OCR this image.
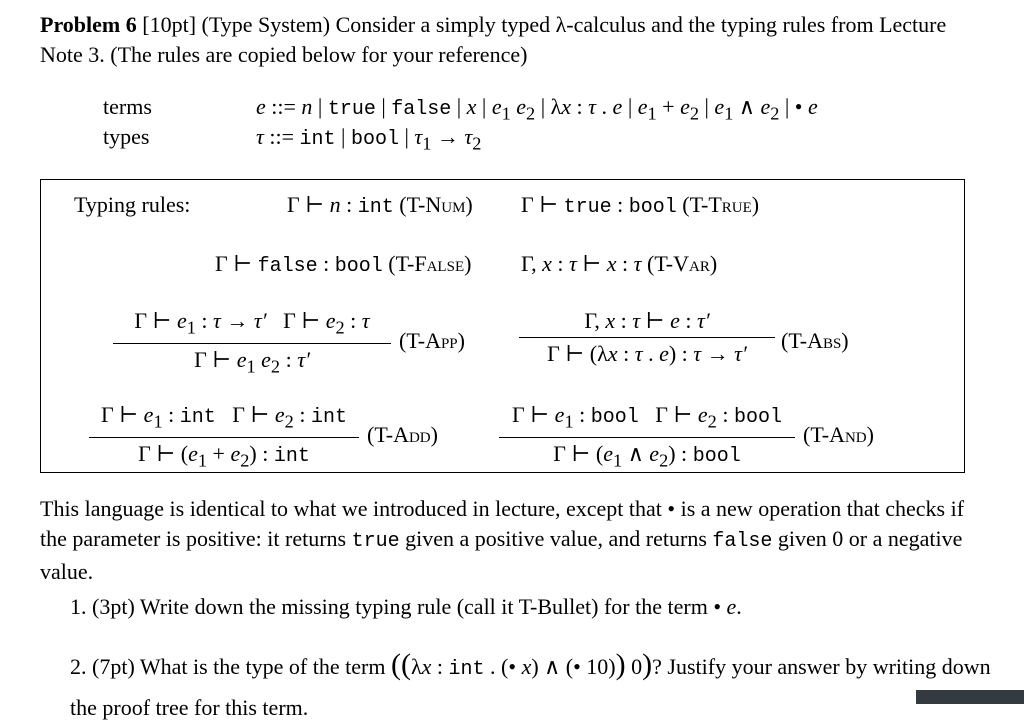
Problem 6 [10pt] (Type System) Consider a simply typed λ-calculus and the typing rules from Lecture Note 3. (The rules are copied below for your reference)

terms
types
e ::= n | true | false | x | $e_1$ $e_2$ | λx : τ . e | $e_1 + e_2$ | $e_1$ ∧ $e_2$ | • e
τ ::= int | bool | $\tau_1 \to \tau_2$
Typing rules:	Γ ⊢ n : int (T-Num) Γ ⊢ true : bool (T-True)
Γ ⊢ false : bool (T-False) Γ, x : τ ⊢ x : τ (T-Var)
Γ ⊢ $e_1$ : τ → τ′   Γ ⊢ $e_2$ : τ
Γ ⊢ $e_1$ $e_2$ : τ′
(T-App)
Γ, x : τ ⊢ e : τ′
Γ ⊢ (λx : τ . e) : τ → τ′
(T-Abs)
Γ ⊢ $e_1$ : int   Γ ⊢ $e_2$ : int
Γ ⊢ $(e_1 + e_2)$ : int
(T-Add)
Γ ⊢ $e_1$ : bool   Γ ⊢ $e_2$ : bool
Γ ⊢ ($e_1$ ∧ $e_2$) : bool
(T-And)

This language is identical to what we introduced in lecture, except that • is a new operation that checks if the parameter is positive: it returns true given a positive value, and returns false given 0 or a negative value.

1. (3pt) Write down the missing typing rule (call it T-Bullet) for the term • e.

2. (7pt) What is the type of the term ((λx : int . (• x) ∧ (• 10)) 0)? Justify your answer by writing down the proof tree for this term.
